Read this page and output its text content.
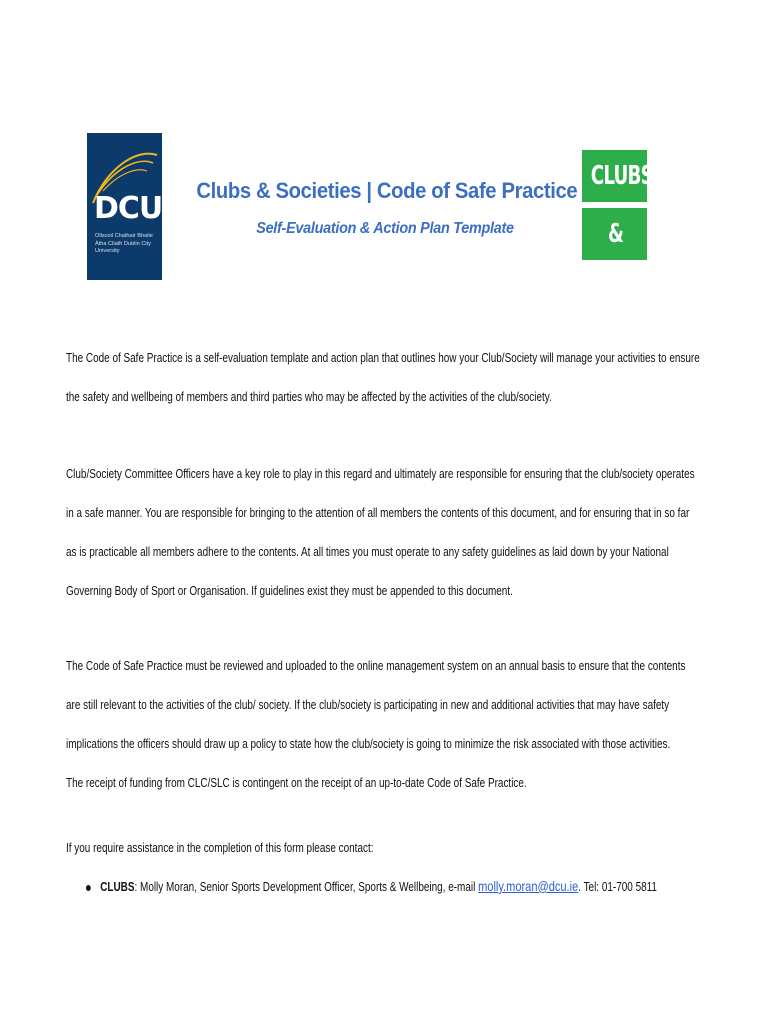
DCU
Ollscoil Chathair Bhaile Átha Cliath Dublin City University
Clubs & Societies | Code of Safe Practice
Self-Evaluation & Action Plan Template
CLUBS
& SOCS
The Code of Safe Practice is a self-evaluation template and action plan that outlines how your Club/Society will manage your activities to ensure
the safety and wellbeing of members and third parties who may be affected by the activities of the club/society.
Club/Society Committee Officers have a key role to play in this regard and ultimately are responsible for ensuring that the club/society operates
in a safe manner. You are responsible for bringing to the attention of all members the contents of this document, and for ensuring that in so far
as is practicable all members adhere to the contents. At all times you must operate to any safety guidelines as laid down by your National
Governing Body of Sport or Organisation. If guidelines exist they must be appended to this document.
The Code of Safe Practice must be reviewed and uploaded to the online management system on an annual basis to ensure that the contents
are still relevant to the activities of the club/ society. If the club/society is participating in new and additional activities that may have safety
implications the officers should draw up a policy to state how the club/society is going to minimize the risk associated with those activities.
The receipt of funding from CLC/SLC is contingent on the receipt of an up-to-date Code of Safe Practice.
If you require assistance in the completion of this form please contact:
CLUBS: Molly Moran, Senior Sports Development Officer, Sports & Wellbeing, e-mail molly.moran@dcu.ie. Tel: 01-700 5811
